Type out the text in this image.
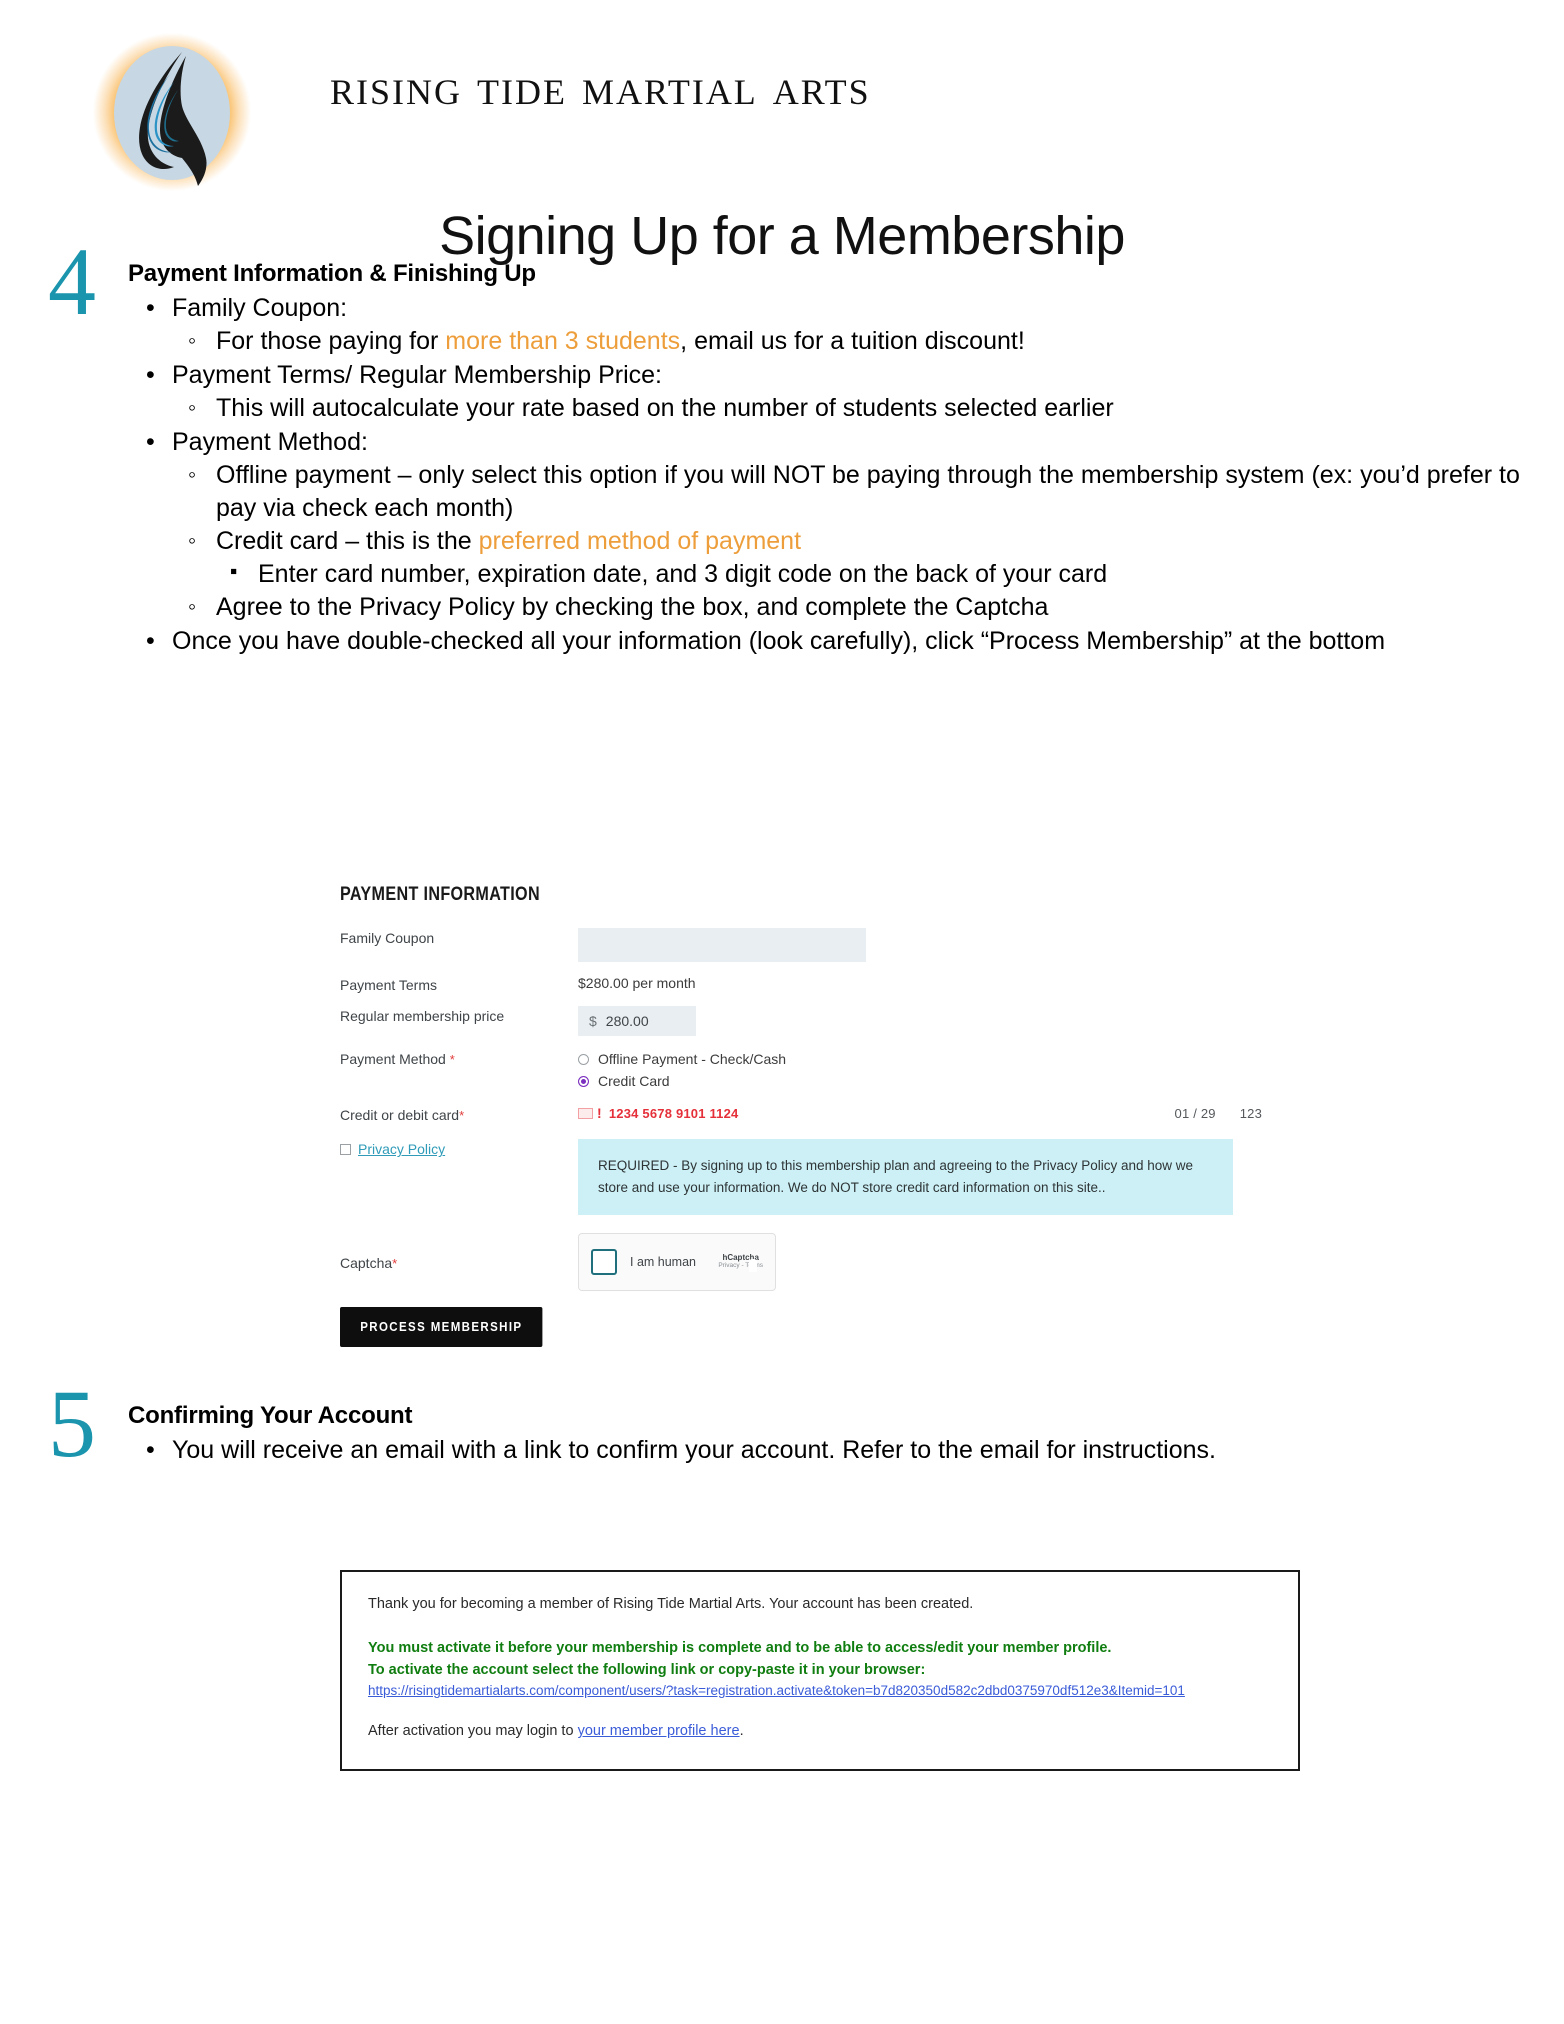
rising tide martial arts
Signing Up for a Membership
4 Payment Information & Finishing Up
• Family Coupon:
◦ For those paying for more than 3 students, email us for a tuition discount!
• Payment Terms/ Regular Membership Price:
◦ This will autocalculate your rate based on the number of students selected earlier
• Payment Method:
◦ Offline payment – only select this option if you will NOT be paying through the membership system (ex: you’d prefer to pay via check each month)
◦ Credit card – this is the preferred method of payment
▪ Enter card number, expiration date, and 3 digit code on the back of your card
◦ Agree to the Privacy Policy by checking the box, and complete the Captcha
• Once you have double-checked all your information (look carefully), click “Process Membership” at the bottom
PAYMENT INFORMATION
Family Coupon
Payment Terms	$280.00 per month
Regular membership price	$ 280.00
Payment Method *	Offline Payment - Check/Cash
Credit Card
Credit or debit card*	! 1234 5678 9101 1124	01 / 29 123
Privacy Policy
REQUIRED - By signing up to this membership plan and agreeing to the Privacy Policy and how we store and use your information. We do NOT store credit card information on this site..
Captcha*	I am human	hCaptcha
Privacy - Terms
PROCESS MEMBERSHIP
5 Confirming Your Account
• You will receive an email with a link to confirm your account. Refer to the email for instructions.
Thank you for becoming a member of Rising Tide Martial Arts. Your account has been created.
You must activate it before your membership is complete and to be able to access/edit your member profile.
To activate the account select the following link or copy-paste it in your browser:
https://risingtidemartialarts.com/component/users/?task=registration.activate&token=b7d820350d582c2dbd0375970df512e3&Itemid=101
After activation you may login to your member profile here.
